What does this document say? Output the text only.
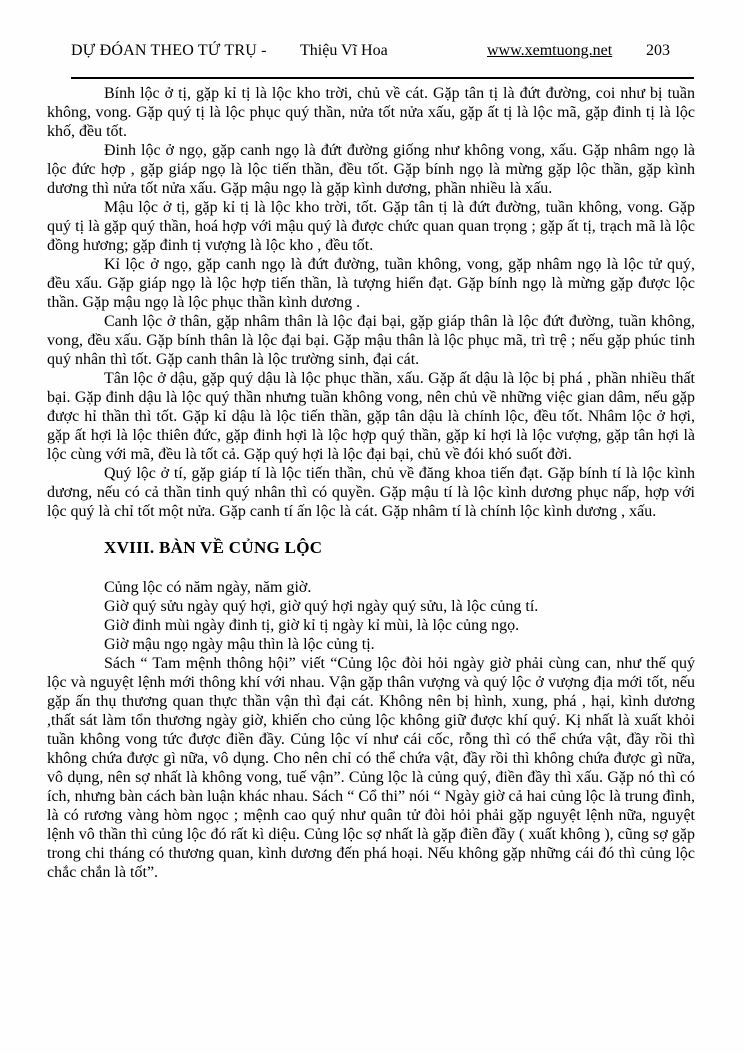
DỰ ĐÓAN THEO TỨ TRỤ - Thiệu Vĩ Hoa	www.xemtuong.net 203

Bính lộc ở tị, gặp kỉ tị là lộc kho trời, chủ về cát. Gặp tân tị là đứt đường, coi như bị tuần không, vong. Gặp quý tị là lộc phục quý thần, nửa tốt nửa xấu, gặp ất tị là lộc mã, gặp đinh tị là lộc khố, đều tốt.

Đinh lộc ở ngọ, gặp canh ngọ là đứt đường giống như không vong, xấu. Gặp nhâm ngọ là lộc đức hợp , gặp giáp ngọ là lộc tiến thần, đều tốt. Gặp bính ngọ là mừng gặp lộc thần, gặp kình dương thì nửa tốt nửa xấu. Gặp mậu ngọ là gặp kình dương, phần nhiều là xấu.

Mậu lộc ở tị, gặp kỉ tị là lộc kho trời, tốt. Gặp tân tị là đứt đường, tuần không, vong. Gặp quý tị là gặp quý thần, hoá hợp với mậu quý là được chức quan quan trọng ; gặp ất tị, trạch mã là lộc đồng hương; gặp đinh tị vượng là lộc kho , đều tốt.

Kỉ lộc ở ngọ, gặp canh ngọ là đứt đường, tuần không, vong, gặp nhâm ngọ là lộc tử quý, đều xấu. Gặp giáp ngọ là lộc hợp tiến thần, là tượng hiển đạt. Gặp bính ngọ là mừng gặp được lộc thần. Gặp mậu ngọ là lộc phục thần kình dương .

Canh lộc ở thân, gặp nhâm thân là lộc đại bại, gặp giáp thân là lộc đứt đường, tuần không, vong, đều xấu. Gặp bính thân là lộc đại bại. Gặp mậu thân là lộc phục mã, trì trệ ; nếu gặp phúc tinh quý nhân thì tốt. Gặp canh thân là lộc trường sinh, đại cát.

Tân lộc ở dậu, gặp quý dậu là lộc phục thần, xấu. Gặp ất dậu là lộc bị phá , phần nhiều thất bại. Gặp đinh dậu là lộc quý thần nhưng tuần không vong, nên chủ về những việc gian dâm, nếu gặp được hỉ thần thì tốt. Gặp kỉ dậu là lộc tiến thần, gặp tân dậu là chính lộc, đều tốt. Nhâm lộc ở hợi, gặp ất hợi là lộc thiên đức, gặp đinh hợi là lộc hợp quý thần, gặp kỉ hợi là lộc vượng, gặp tân hợi là lộc cùng với mã, đều là tốt cả. Gặp quý hợi là lộc đại bại, chủ về đói khó suốt đời.

Quý lộc ở tí, gặp giáp tí là lộc tiến thần, chủ về đăng khoa tiến đạt. Gặp bính tí là lộc kình dương, nếu có cả thần tinh quý nhân thì có quyền. Gặp mậu tí là lộc kình dương phục nấp, hợp với lộc quý là chỉ tốt một nửa. Gặp canh tí ấn lộc là cát. Gặp nhâm tí là chính lộc kình dương , xấu.

XVIII. BÀN VỀ CỦNG LỘC

Củng lộc có năm ngày, năm giờ.

Giờ quý sửu ngày quý hợi, giờ quý hợi ngày quý sửu, là lộc củng tí.

Giờ đinh mùi ngày đinh tị, giờ kỉ tị ngày kỉ mùi, là lộc củng ngọ.

Giờ mậu ngọ ngày mậu thìn là lộc củng tị.

Sách “ Tam mệnh thông hội” viết “Củng lộc đòi hỏi ngày giờ phải cùng can, như thế quý lộc và nguyệt lệnh mới thông khí với nhau. Vận gặp thân vượng và quý lộc ở vượng địa mới tốt, nếu gặp ấn thụ thương quan thực thần vận thì đại cát. Không nên bị hình, xung, phá , hại, kình dương ,thất sát làm tổn thương ngày giờ, khiến cho củng lộc không giữ được khí quý. Kị nhất là xuất khỏi tuần không vong tức được điền đầy. Củng lộc ví như cái cốc, rỗng thì có thể chứa vật, đầy rồi thì không chứa được gì nữa, vô dụng. Cho nên chỉ có thể chứa vật, đầy rồi thì không chứa được gì nữa, vô dụng, nên sợ nhất là không vong, tuế vận”. Củng lộc là củng quý, điền đầy thì xấu. Gặp nó thì có ích, nhưng bàn cách bàn luận khác nhau. Sách “ Cổ thi” nói “ Ngày giờ cả hai củng lộc là trung đình, là có rương vàng hòm ngọc ; mệnh cao quý như quân tử đòi hỏi phải gặp nguyệt lệnh nữa, nguyệt lệnh vô thần thì củng lộc đó rất kì diệu. Củng lộc sợ nhất là gặp điền đầy ( xuất không ), cũng sợ gặp trong chi tháng có thương quan, kình dương đến phá hoại. Nếu không gặp những cái đó thì củng lộc chắc chắn là tốt”.
